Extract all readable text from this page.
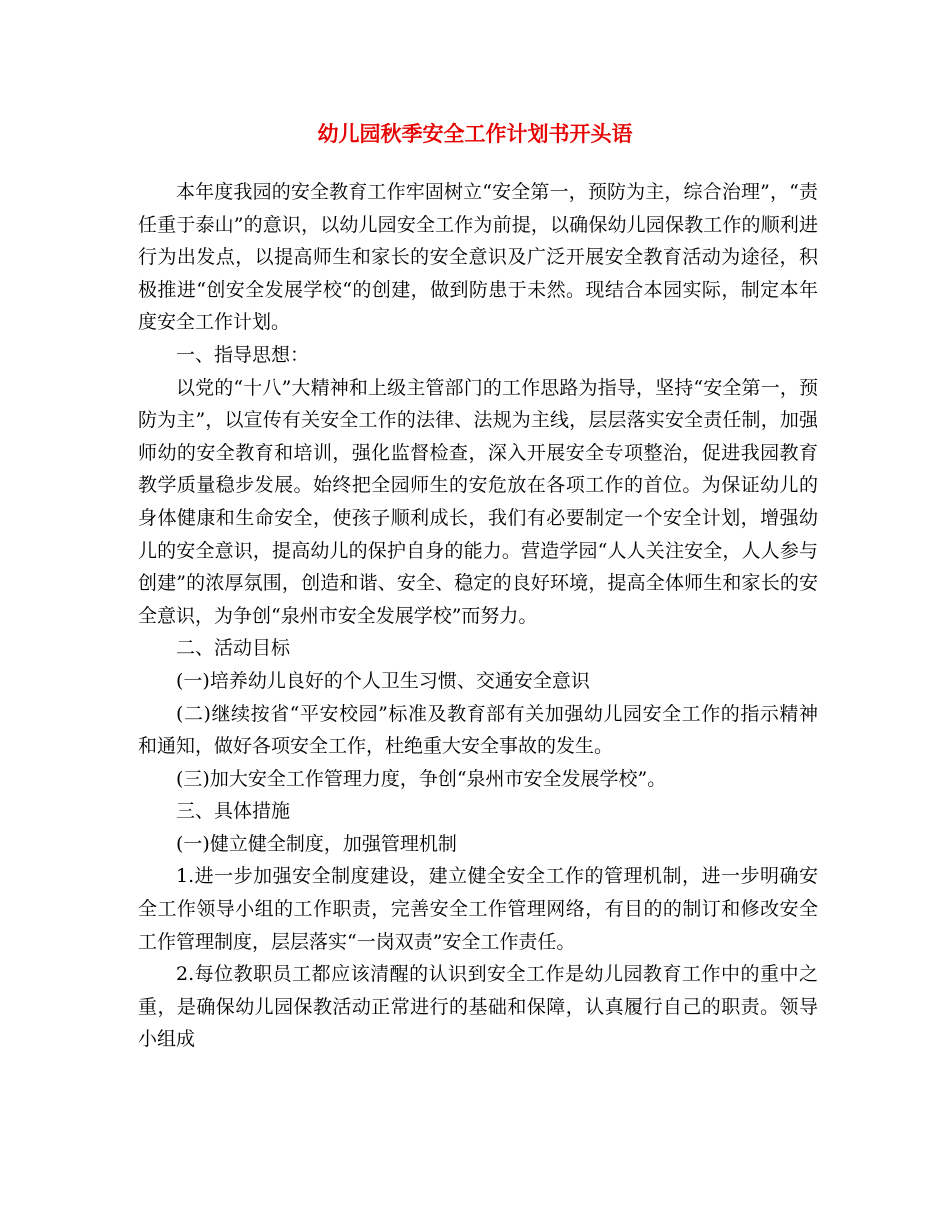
幼儿园秋季安全工作计划书开头语

本年度我园的安全教育工作牢固树立“安全第一，预防为主，综合治理”，“责任重于泰山”的意识，以幼儿园安全工作为前提，以确保幼儿园保教工作的顺利进行为出发点，以提高师生和家长的安全意识及广泛开展安全教育活动为途径，积极推进“创安全发展学校“的创建，做到防患于未然。现结合本园实际，制定本年度安全工作计划。

一、指导思想：

以党的“十八”大精神和上级主管部门的工作思路为指导，坚持“安全第一，预防为主”，以宣传有关安全工作的法律、法规为主线，层层落实安全责任制，加强师幼的安全教育和培训，强化监督检查，深入开展安全专项整治，促进我园教育教学质量稳步发展。始终把全园师生的安危放在各项工作的首位。为保证幼儿的身体健康和生命安全，使孩子顺利成长，我们有必要制定一个安全计划，增强幼儿的安全意识，提高幼儿的保护自身的能力。营造学园“人人关注安全，人人参与创建”的浓厚氛围，创造和谐、安全、稳定的良好环境，提高全体师生和家长的安全意识，为争创“泉州市安全发展学校”而努力。

二、活动目标

(一)培养幼儿良好的个人卫生习惯、交通安全意识

(二)继续按省“平安校园”标准及教育部有关加强幼儿园安全工作的指示精神和通知，做好各项安全工作，杜绝重大安全事故的发生。

(三)加大安全工作管理力度，争创“泉州市安全发展学校”。

三、具体措施

(一)健立健全制度，加强管理机制

1.进一步加强安全制度建设，建立健全安全工作的管理机制，进一步明确安全工作领导小组的工作职责，完善安全工作管理网络，有目的的制订和修改安全工作管理制度，层层落实“一岗双责”安全工作责任。

2.每位教职员工都应该清醒的认识到安全工作是幼儿园教育工作中的重中之重，是确保幼儿园保教活动正常进行的基础和保障，认真履行自己的职责。领导小组成
